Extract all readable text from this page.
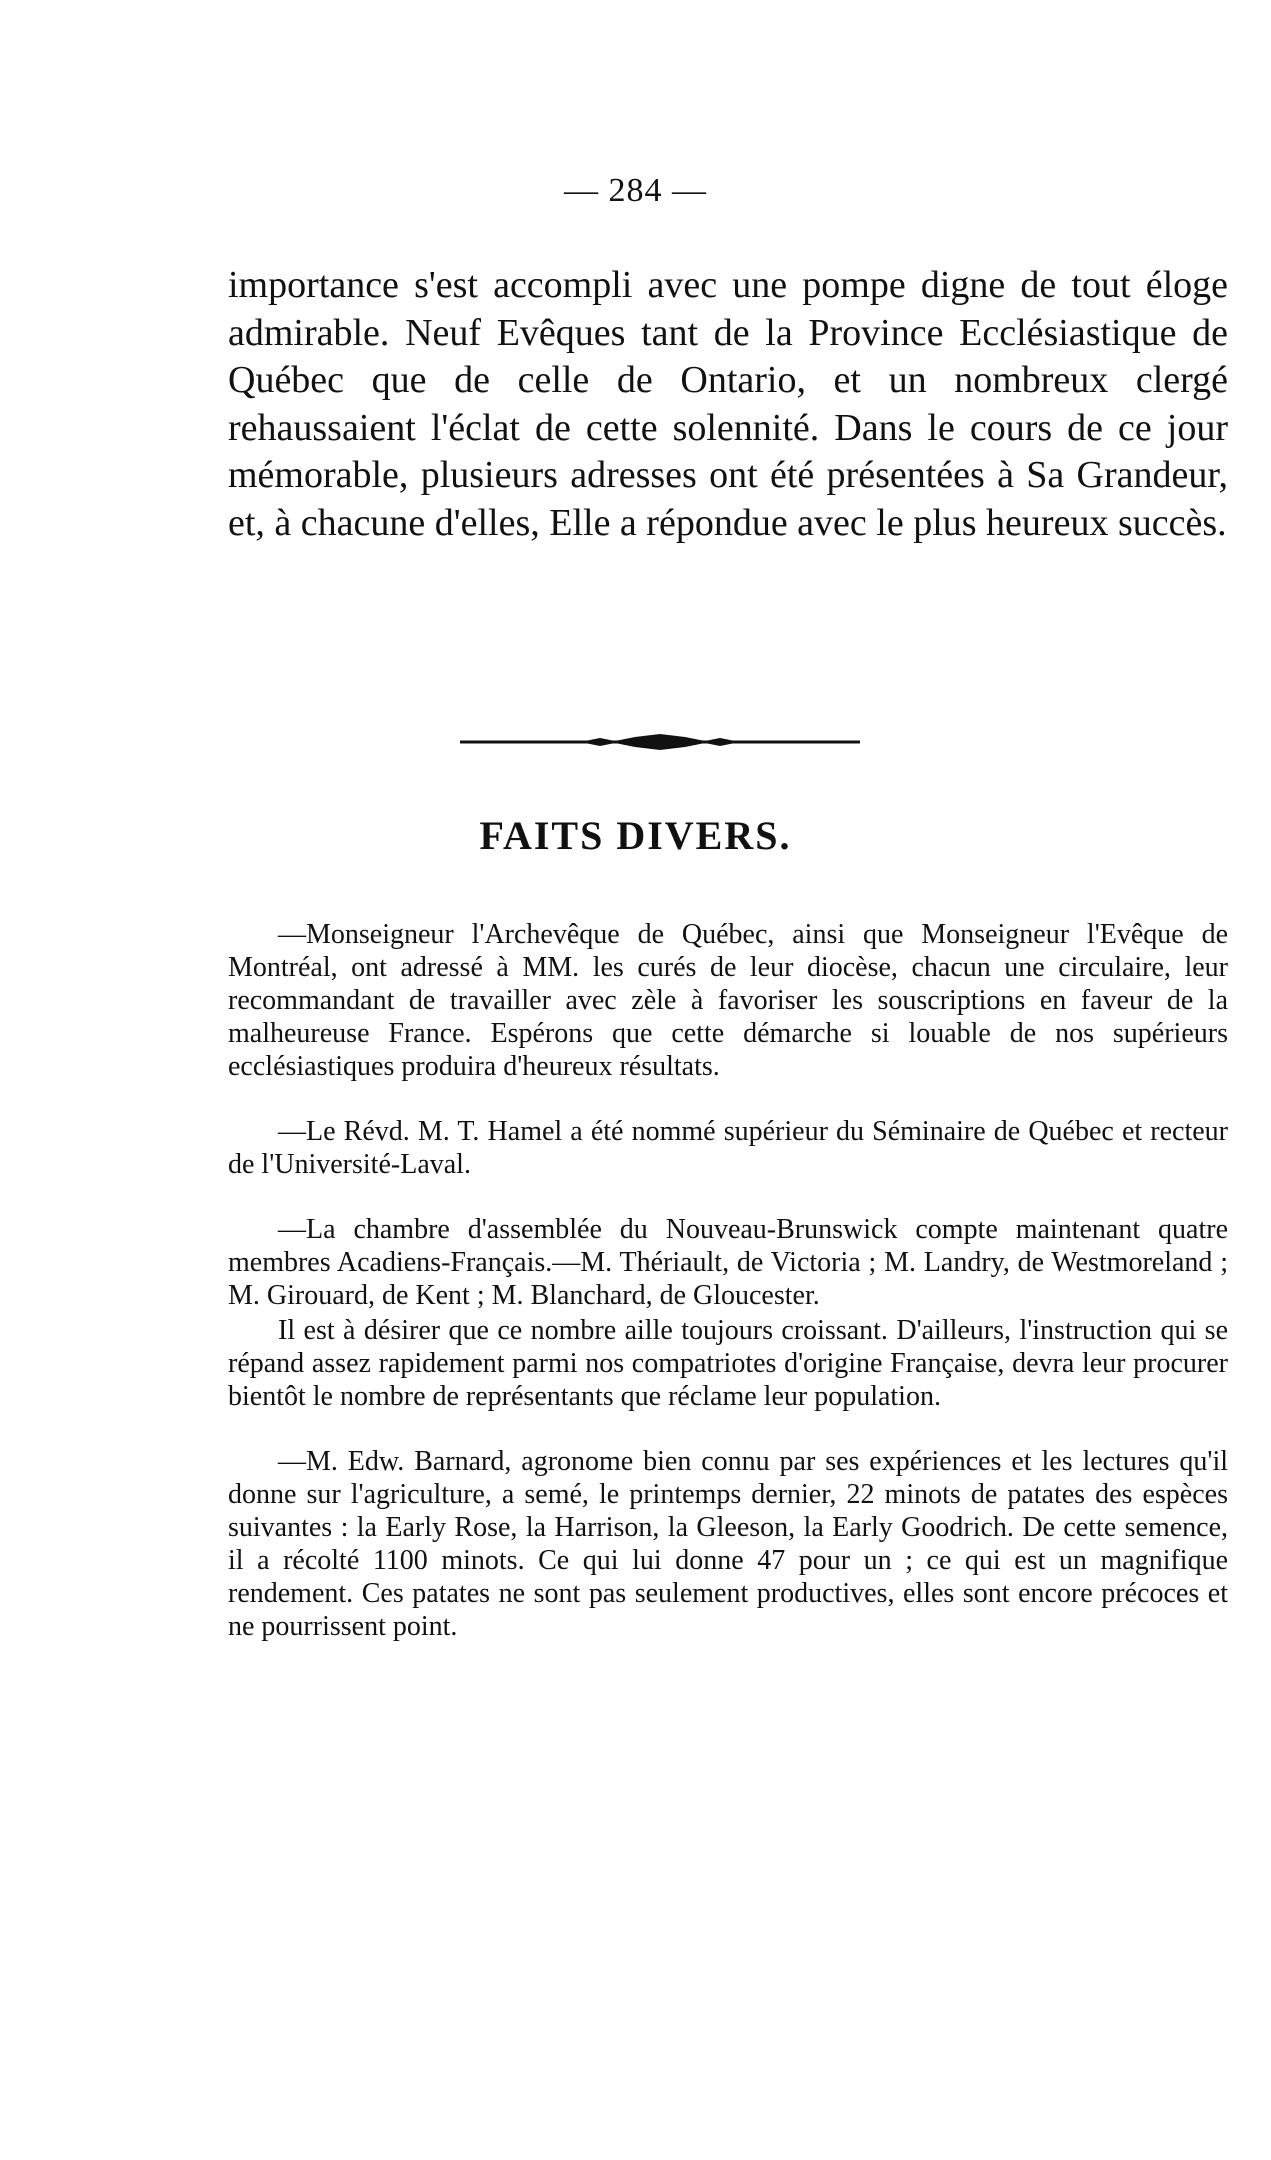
— 284 —

importance s'est accompli avec une pompe digne de tout éloge admirable. Neuf Evêques tant de la Province Ecclésiastique de Québec que de celle de Ontario, et un nombreux clergé rehaussaient l'éclat de cette solennité. Dans le cours de ce jour mémorable, plusieurs adresses ont été présentées à Sa Grandeur, et, à chacune d'elles, Elle a répondue avec le plus heureux succès.

FAITS DIVERS.

—Monseigneur l'Archevêque de Québec, ainsi que Monseigneur l'Evêque de Montréal, ont adressé à MM. les curés de leur diocèse, chacun une circulaire, leur recommandant de travailler avec zèle à favoriser les souscriptions en faveur de la malheureuse France. Espérons que cette démarche si louable de nos supérieurs ecclésiastiques produira d'heureux résultats.

—Le Révd. M. T. Hamel a été nommé supérieur du Séminaire de Québec et recteur de l'Université-Laval.

—La chambre d'assemblée du Nouveau-Brunswick compte maintenant quatre membres Acadiens-Français.—M. Thériault, de Victoria ; M. Landry, de Westmoreland ; M. Girouard, de Kent ; M. Blanchard, de Gloucester.

Il est à désirer que ce nombre aille toujours croissant. D'ailleurs, l'instruction qui se répand assez rapidement parmi nos compatriotes d'origine Française, devra leur procurer bientôt le nombre de représentants que réclame leur population.

—M. Edw. Barnard, agronome bien connu par ses expériences et les lectures qu'il donne sur l'agriculture, a semé, le printemps dernier, 22 minots de patates des espèces suivantes : la Early Rose, la Harrison, la Gleeson, la Early Goodrich. De cette semence, il a récolté 1100 minots. Ce qui lui donne 47 pour un ; ce qui est un magnifique rendement. Ces patates ne sont pas seulement productives, elles sont encore précoces et ne pourrissent point.
